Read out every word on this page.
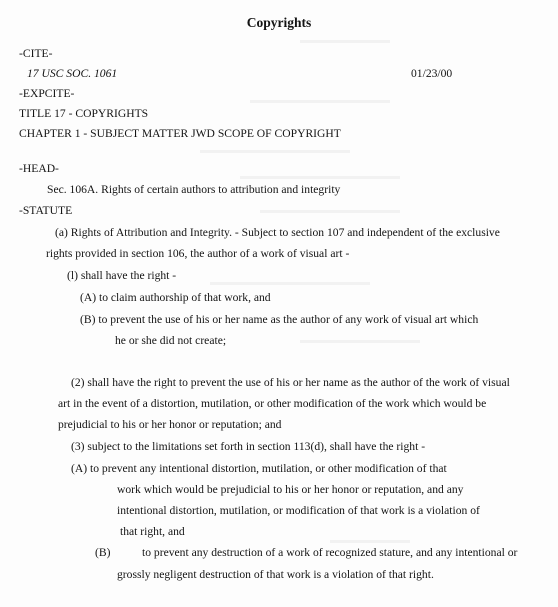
Copyrights
-CITE-
17 USC SOC. 1061	01/23/00
-EXPCITE-
TITLE 17 - COPYRIGHTS
CHAPTER 1 - SUBJECT MATTER JWD SCOPE OF COPYRIGHT
-HEAD-
Sec. 106A. Rights of certain authors to attribution and integrity
-STATUTE
(a) Rights of Attribution and Integrity. - Subject to section 107 and independent of the exclusive
rights provided in section 106, the author of a work of visual art -
(l) shall have the right -
(A) to claim authorship of that work, and
(B) to prevent the use of his or her name as the author of any work of visual art which
he or she did not create;
(2) shall have the right to prevent the use of his or her name as the author of the work of visual
art in the event of a distortion, mutilation, or other modification of the work which would be
prejudicial to his or her honor or reputation; and
(3) subject to the limitations set forth in section 113(d), shall have the right -
(A) to prevent any intentional distortion, mutilation, or other modification of that
work which would be prejudicial to his or her honor or reputation, and any
intentional distortion, mutilation, or modification of that work is a violation of
that right, and
(B)	to prevent any destruction of a work of recognized stature, and any intentional or
grossly negligent destruction of that work is a violation of that right.
